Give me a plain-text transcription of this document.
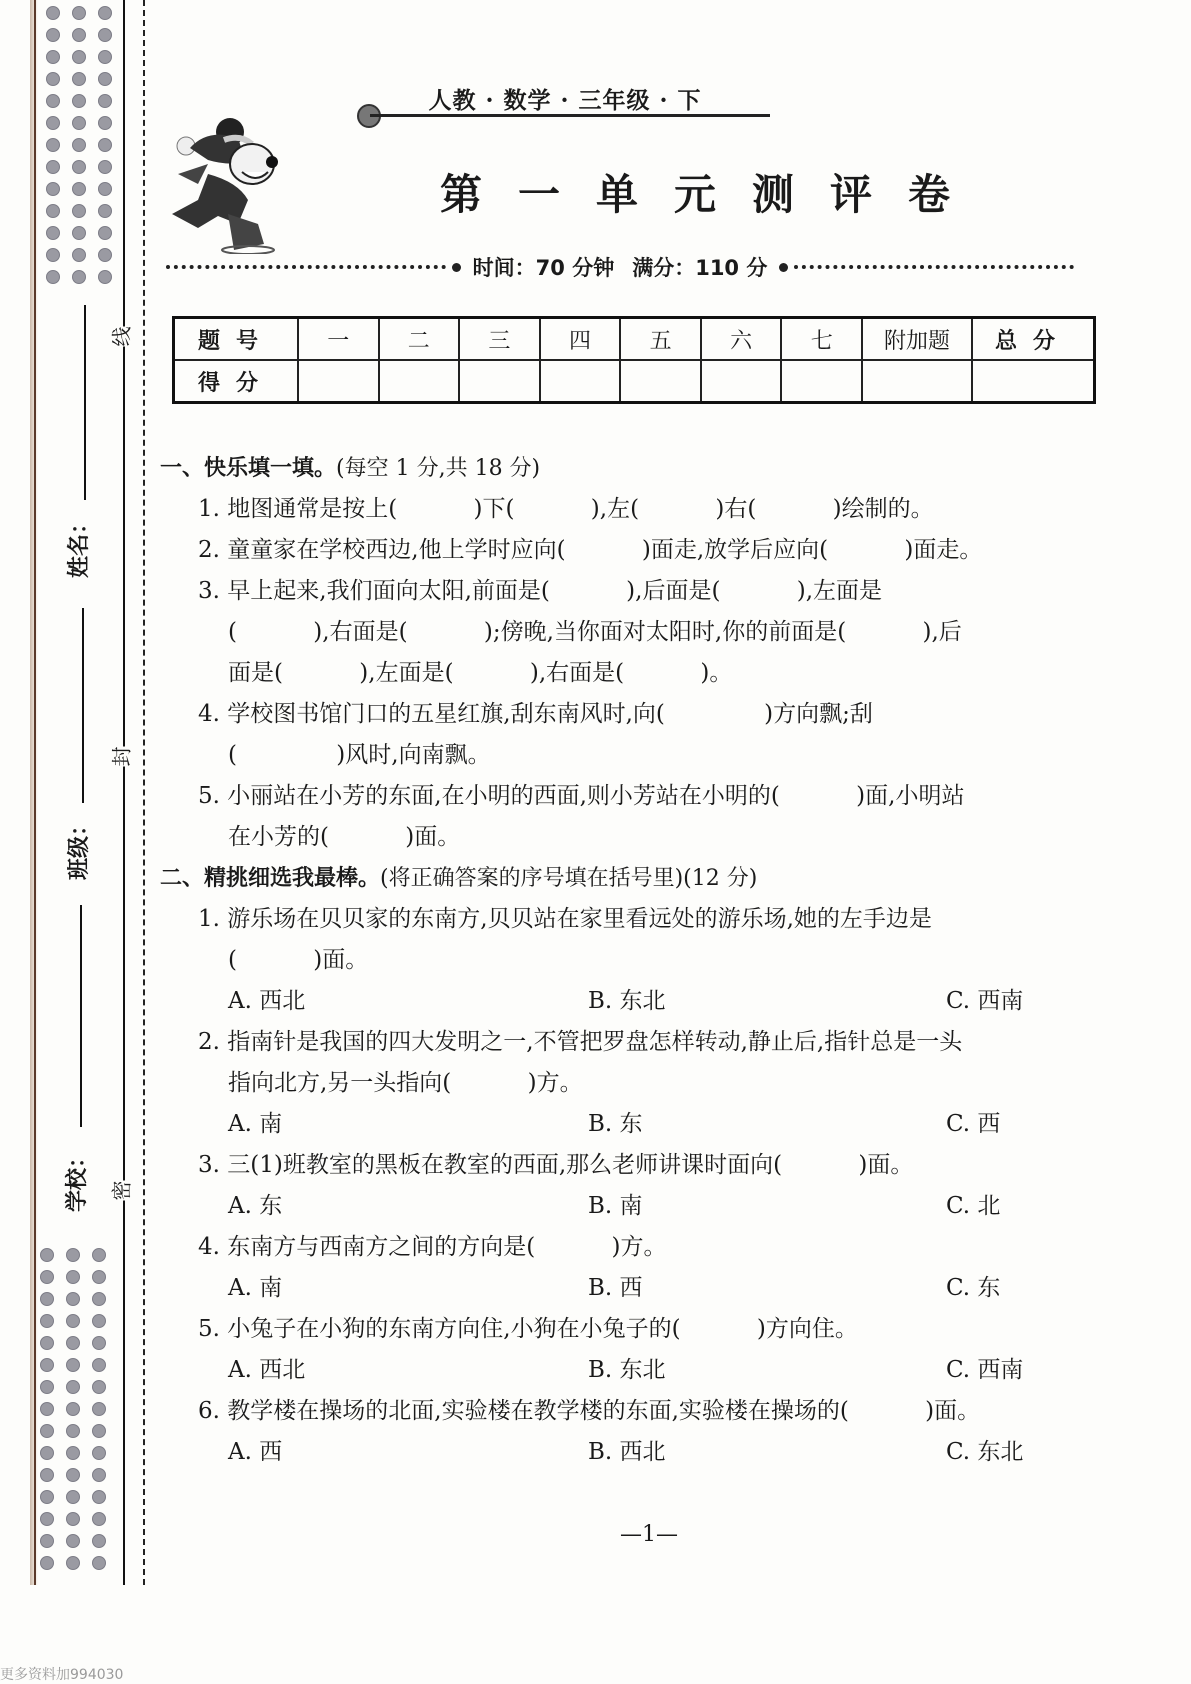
线
封
密
姓名：
班级：
学校：
人教 · 数学 · 三年级 · 下
第一单元测评卷
时间：70 分钟 满分：110 分
题号	一	二	三	四	五	六	七	附加题	总分
得分									
一、快乐填一填。(每空 1 分,共 18 分)
1. 地图通常是按上(　　　 )下(　　　 ),左(　　　 )右(　　　 )绘制的。
2. 童童家在学校西边,他上学时应向(　　　 )面走,放学后应向(　　　 )面走。
3. 早上起来,我们面向太阳,前面是(　　　 ),后面是(　　　 ),左面是
(　　　 ),右面是(　　　 );傍晚,当你面对太阳时,你的前面是(　　　 ),后
面是(　　　 ),左面是(　　　 ),右面是(　　　 )。
4. 学校图书馆门口的五星红旗,刮东南风时,向(　　　　 )方向飘;刮
(　　　　 )风时,向南飘。
5. 小丽站在小芳的东面,在小明的西面,则小芳站在小明的(　　　 )面,小明站
在小芳的(　　　 )面。
二、精挑细选我最棒。(将正确答案的序号填在括号里)(12 分)
1. 游乐场在贝贝家的东南方,贝贝站在家里看远处的游乐场,她的左手边是
(　　　 )面。
A. 西北	B. 东北	C. 西南
2. 指南针是我国的四大发明之一,不管把罗盘怎样转动,静止后,指针总是一头
指向北方,另一头指向(　　　 )方。
A. 南	B. 东	C. 西
3. 三(1)班教室的黑板在教室的西面,那么老师讲课时面向(　　　 )面。
A. 东	B. 南	C. 北
4. 东南方与西南方之间的方向是(　　　 )方。
A. 南	B. 西	C. 东
5. 小兔子在小狗的东南方向住,小狗在小兔子的(　　　 )方向住。
A. 西北	B. 东北	C. 西南
6. 教学楼在操场的北面,实验楼在教学楼的东面,实验楼在操场的(　　　 )面。
A. 西	B. 西北	C. 东北
—1—
更多资料加994030
